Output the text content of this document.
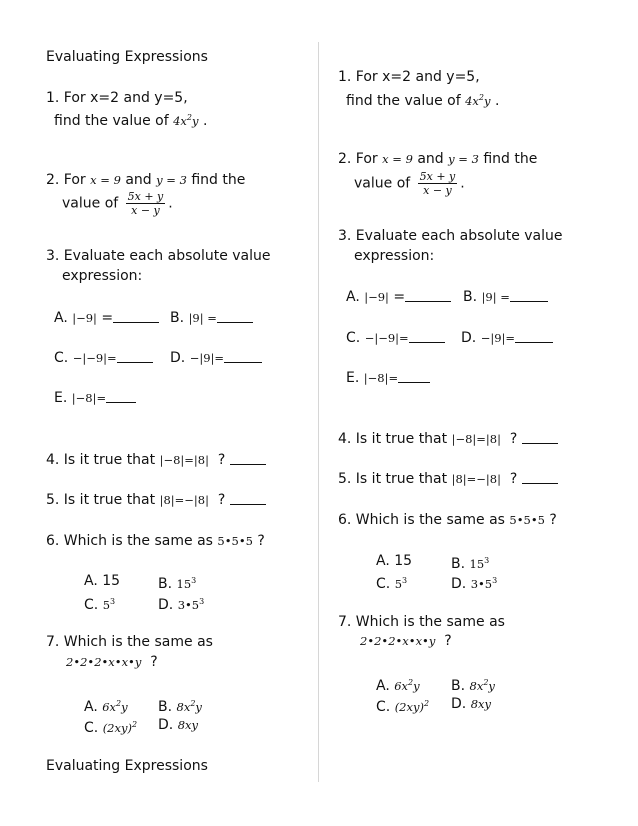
Evaluating Expressions
1. For x=2 and y=5,
find the value of $4x^2y$ .
2. For x = 9 and y = 3 find the
value of $\frac{5x + y}{x - y}$ .
3. Evaluate each absolute value
expression:
A. |−9| =	B. |9| =
C. −|−9|=	D. −|9|=
E. |−8|=
4. Is it true that |−8|=|8| ?
5. Is it true that |8|=−|8| ?
6. Which is the same as 5•5•5 ?
A. 15	B. $15^3$
C. $5^3$	D. $3•5^3$
7. Which is the same as
2•2•2•x•x•y ?
A. $6x^2y$ B. $8x^2y$
C. $(2xy)^2$ D. 8xy
Evaluating Expressions
1. For x=2 and y=5,
find the value of $4x^2y$ .
2. For x = 9 and y = 3 find the
value of $\frac{5x + y}{x - y}$ .
3. Evaluate each absolute value
expression:
A. |−9| =	B. |9| =
C. −|−9|=	D. −|9|=
E. |−8|=
4. Is it true that |−8|=|8| ?
5. Is it true that |8|=−|8| ?
6. Which is the same as 5•5•5 ?
A. 15	B. $15^3$
C. $5^3$	D. $3•5^3$
7. Which is the same as
2•2•2•x•x•y ?
A. $6x^2y$ B. $8x^2y$
C. $(2xy)^2$ D. 8xy
